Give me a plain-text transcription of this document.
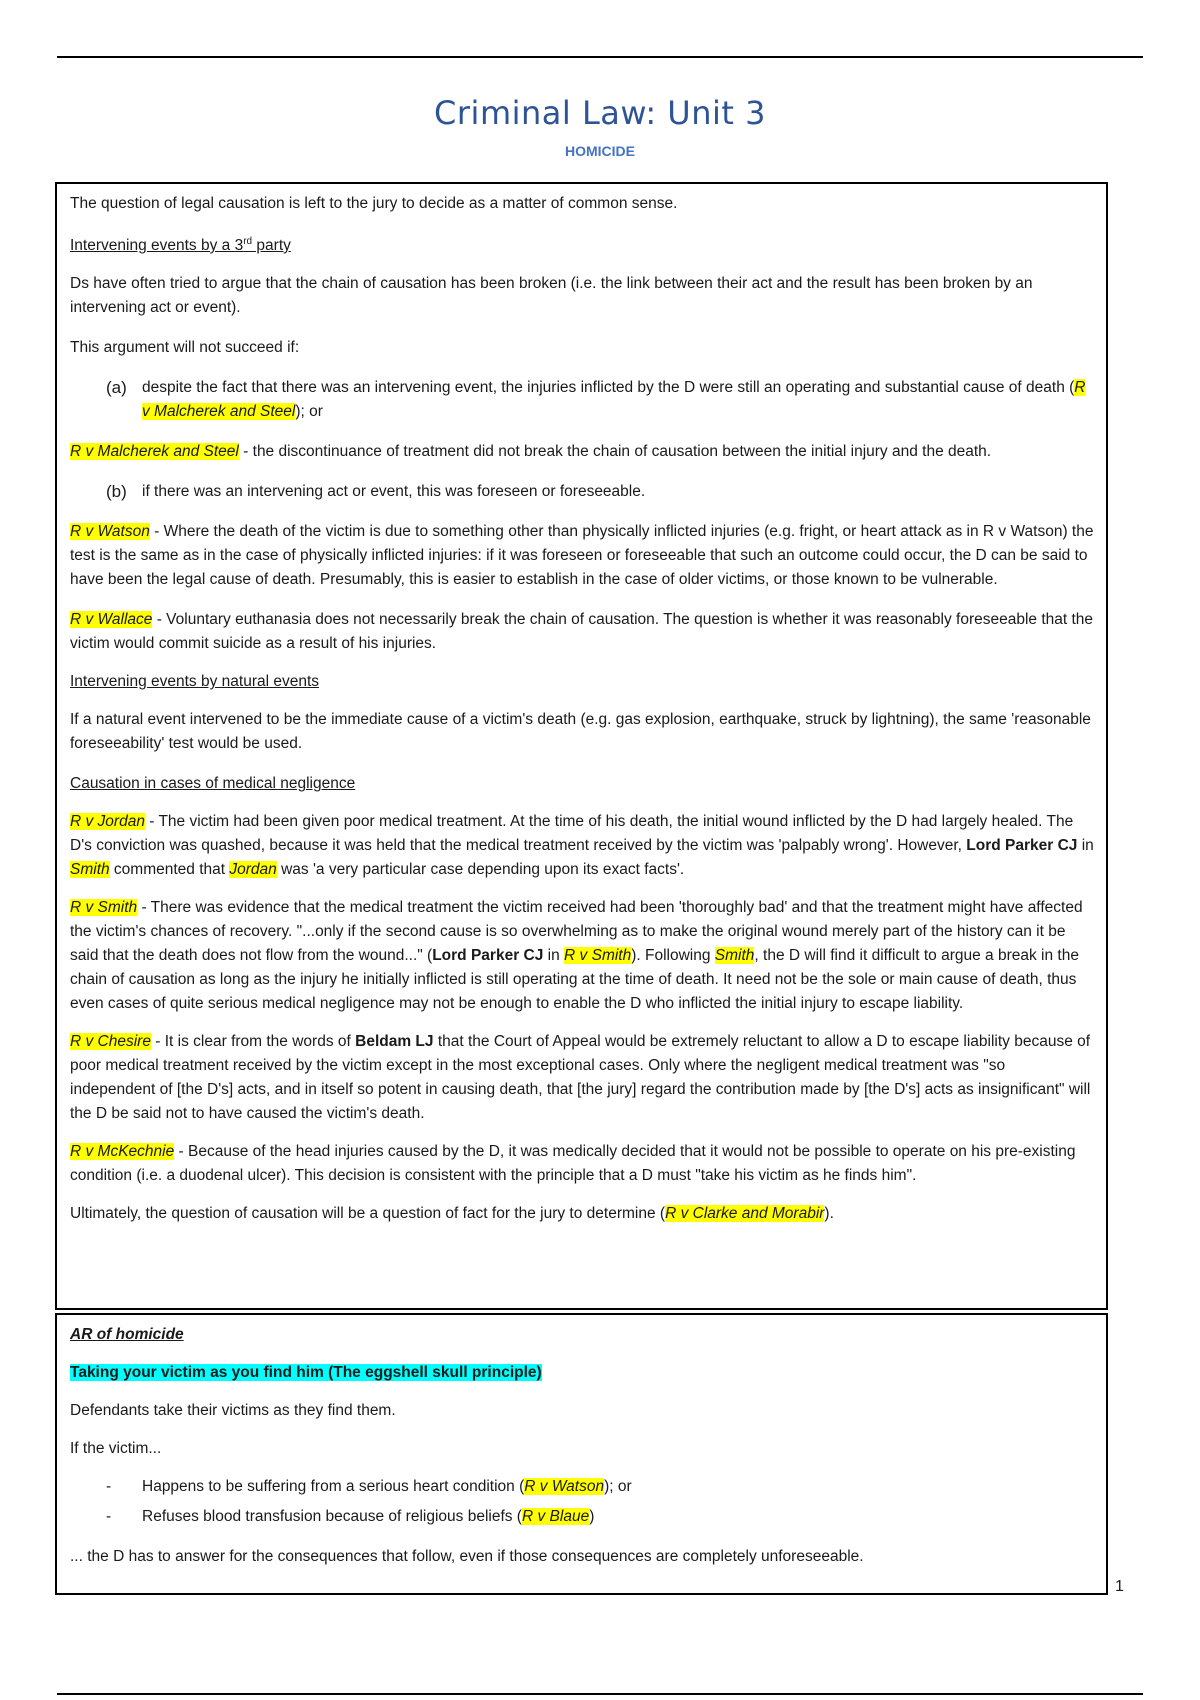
Criminal Law: Unit 3
HOMICIDE

The question of legal causation is left to the jury to decide as a matter of common sense.

Intervening events by a 3rd party

Ds have often tried to argue that the chain of causation has been broken (i.e. the link between their act and the result has been broken by an intervening act or event).

This argument will not succeed if:

(a) despite the fact that there was an intervening event, the injuries inflicted by the D were still an operating and substantial cause of death (R v Malcherek and Steel); or

R v Malcherek and Steel - the discontinuance of treatment did not break the chain of causation between the initial injury and the death.

(b) if there was an intervening act or event, this was foreseen or foreseeable.

R v Watson - Where the death of the victim is due to something other than physically inflicted injuries (e.g. fright, or heart attack as in R v Watson) the test is the same as in the case of physically inflicted injuries: if it was foreseen or foreseeable that such an outcome could occur, the D can be said to have been the legal cause of death. Presumably, this is easier to establish in the case of older victims, or those known to be vulnerable.

R v Wallace - Voluntary euthanasia does not necessarily break the chain of causation. The question is whether it was reasonably foreseeable that the victim would commit suicide as a result of his injuries.

Intervening events by natural events

If a natural event intervened to be the immediate cause of a victim's death (e.g. gas explosion, earthquake, struck by lightning), the same 'reasonable foreseeability' test would be used.

Causation in cases of medical negligence

R v Jordan - The victim had been given poor medical treatment. At the time of his death, the initial wound inflicted by the D had largely healed. The D's conviction was quashed, because it was held that the medical treatment received by the victim was 'palpably wrong'. However, Lord Parker CJ in Smith commented that Jordan was 'a very particular case depending upon its exact facts'.

R v Smith - There was evidence that the medical treatment the victim received had been 'thoroughly bad' and that the treatment might have affected the victim's chances of recovery. "...only if the second cause is so overwhelming as to make the original wound merely part of the history can it be said that the death does not flow from the wound..." (Lord Parker CJ in R v Smith). Following Smith, the D will find it difficult to argue a break in the chain of causation as long as the injury he initially inflicted is still operating at the time of death. It need not be the sole or main cause of death, thus even cases of quite serious medical negligence may not be enough to enable the D who inflicted the initial injury to escape liability.

R v Chesire - It is clear from the words of Beldam LJ that the Court of Appeal would be extremely reluctant to allow a D to escape liability because of poor medical treatment received by the victim except in the most exceptional cases. Only where the negligent medical treatment was "so independent of [the D's] acts, and in itself so potent in causing death, that [the jury] regard the contribution made by [the D's] acts as insignificant" will the D be said not to have caused the victim's death.

R v McKechnie - Because of the head injuries caused by the D, it was medically decided that it would not be possible to operate on his pre-existing condition (i.e. a duodenal ulcer). This decision is consistent with the principle that a D must "take his victim as he finds him".

Ultimately, the question of causation will be a question of fact for the jury to determine (R v Clarke and Morabir).

AR of homicide

Taking your victim as you find him (The eggshell skull principle)

Defendants take their victims as they find them.

If the victim...

-	Happens to be suffering from a serious heart condition (R v Watson); or
-	Refuses blood transfusion because of religious beliefs (R v Blaue)

... the D has to answer for the consequences that follow, even if those consequences are completely unforeseeable.

1
